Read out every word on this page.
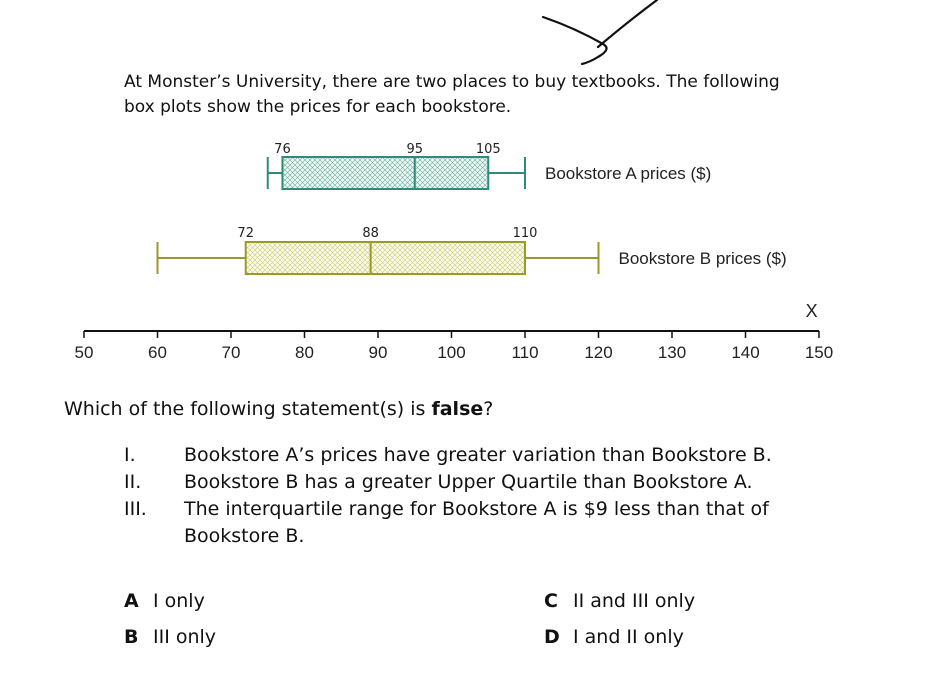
At Monster’s University, there are two places to buy textbooks. The following
box plots show the prices for each bookstore.

76	95	105
Bookstore A prices ($)
72	88	110
Bookstore B prices ($)
50	60	70	80	90	100	110	120	130	140	150
X
Which of the following statement(s) is false?
I.	Bookstore A’s prices have greater variation than Bookstore B.
II. Bookstore B has a greater Upper Quartile than Bookstore A.
III. The interquartile range for Bookstore A is $9 less than that of Bookstore B.
A I only
B III only
C II and III only
D I and II only
